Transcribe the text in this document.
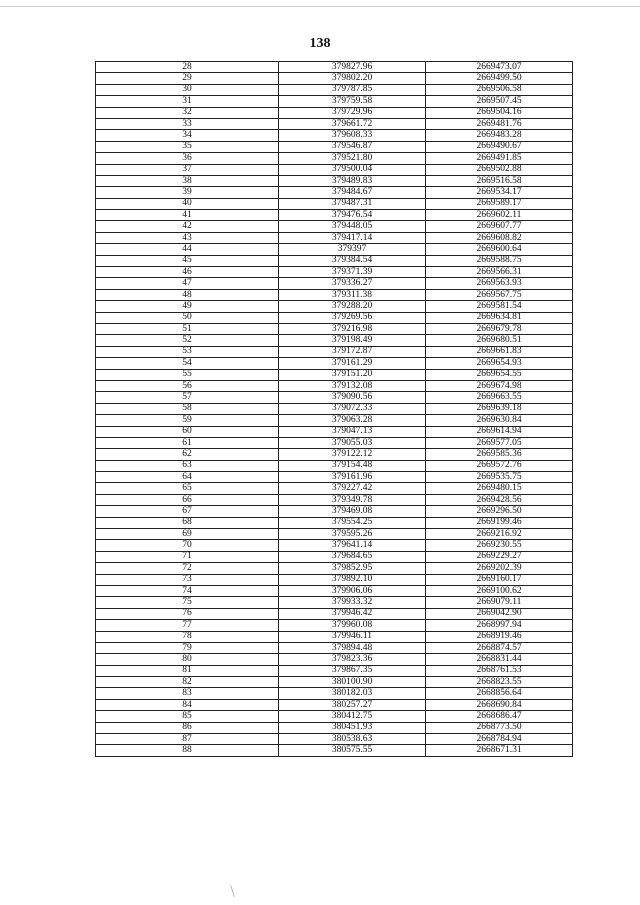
138
28	379827.96	2669473.07
29	379802.20	2669499.50
30	379787.85	2669506.58
31	379759.58	2669507.45
32	379729.96	2669504.16
33	379661.72	2669481.76
34	379608.33	2669483.28
35	379546.87	2669490.67
36	379521.80	2669491.85
37	379500.04	2669502.88
38	379489.83	2669516.58
39	379484.67	2669534.17
40	379487.31	2669589.17
41	379476.54	2669602.11
42	379448.05	2669607.77
43	379417.14	2669608.82
44	379397	2669600.64
45	379384.54	2669588.75
46	379371.39	2669566.31
47	379336.27	2669563.93
48	379311.38	2669567.75
49	379288.20	2669581.54
50	379269.56	2669634.81
51	379216.98	2669679.78
52	379198.49	2669680.51
53	379172.87	2669661.83
54	379161.29	2669654.93
55	379151.20	2669654.55
56	379132.08	2669674.98
57	379090.56	2669663.55
58	379072.33	2669639.18
59	379063.28	2669630.84
60	379047.13	2669614.94
61	379055.03	2669577.05
62	379122.12	2669585.36
63	379154.48	2669572.76
64	379161.96	2669535.75
65	379227.42	2669480.15
66	379349.78	2669428.56
67	379469.08	2669296.50
68	379554.25	2669199.46
69	379595.26	2669216.92
70	379641.14	2669230.55
71	379684.65	2669229.27
72	379852.95	2669202.39
73	379892.10	2669160.17
74	379906.06	2669100.62
75	379933.32	2669079.11
76	379946.42	2669042.90
77	379960.08	2668997.94
78	379946.11	2668919.46
79	379894.48	2668874.57
80	379823.36	2668831.44
81	379867.35	2668761.53
82	380100.90	2668823.55
83	380182.03	2668856.64
84	380257.27	2668690.84
85	380412.75	2668686.47
86	380451.93	2668773.50
87	380538.63	2668784.94
88	380575.55	2668671.31
